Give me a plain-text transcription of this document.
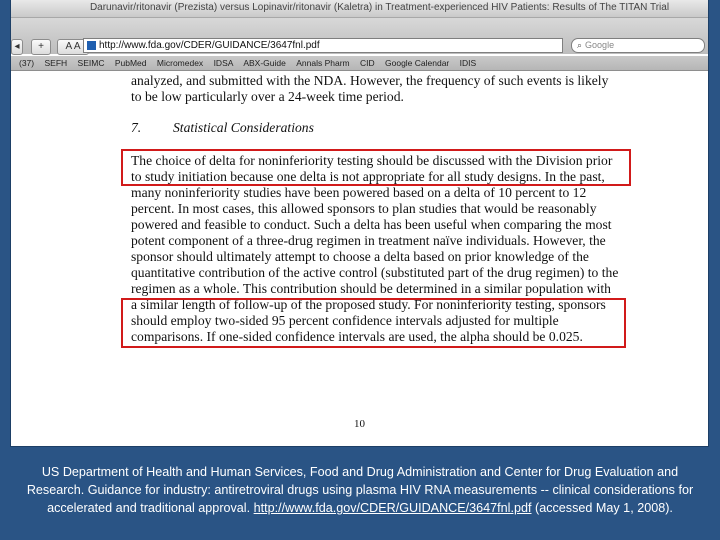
Darunavir/ritonavir (Prezista) versus Lopinavir/ritonavir (Kaletra) in Treatment-experienced HIV Patients: Results of The TITAN Trial
◂	+	A A	http://www.fda.gov/CDER/GUIDANCE/3647fnl.pdf	⌕ Google
(37) SEFH SEIMC PubMed Micromedex IDSA ABX-Guide Annals Pharm CID Google Calendar IDIS
analyzed, and submitted with the NDA. However, the frequency of such events is likely
to be low particularly over a 24-week time period.
7. Statistical Considerations
The choice of delta for noninferiority testing should be discussed with the Division prior
to study initiation because one delta is not appropriate for all study designs. In the past,
many noninferiority studies have been powered based on a delta of 10 percent to 12
percent. In most cases, this allowed sponsors to plan studies that would be reasonably
powered and feasible to conduct. Such a delta has been useful when comparing the most
potent component of a three-drug regimen in treatment naïve individuals. However, the
sponsor should ultimately attempt to choose a delta based on prior knowledge of the
quantitative contribution of the active control (substituted part of the drug regimen) to the
regimen as a whole. This contribution should be determined in a similar population with
a similar length of follow-up of the proposed study. For noninferiority testing, sponsors
should employ two-sided 95 percent confidence intervals adjusted for multiple
comparisons. If one-sided confidence intervals are used, the alpha should be 0.025.
10
US Department of Health and Human Services, Food and Drug Administration and Center for Drug Evaluation and Research. Guidance for industry: antiretroviral drugs using plasma HIV RNA measurements -- clinical considerations for accelerated and traditional approval. http://www.fda.gov/CDER/GUIDANCE/3647fnl.pdf (accessed May 1, 2008).
